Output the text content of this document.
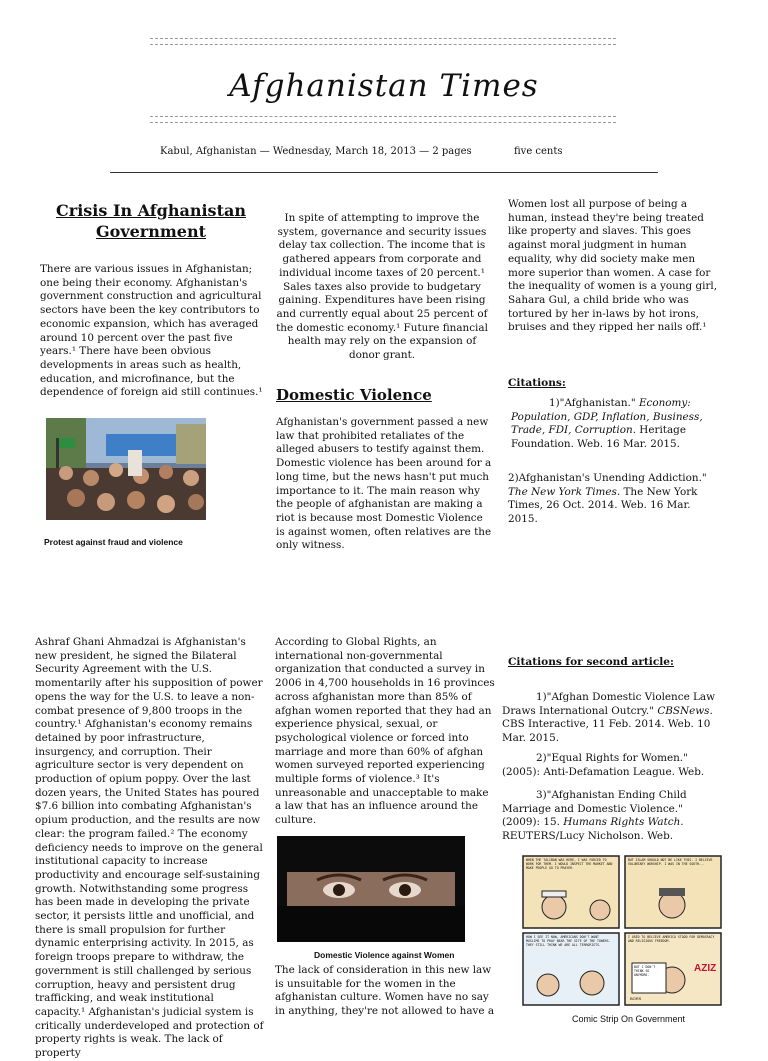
Afghanistan Times
Kabul, Afghanistan — Wednesday, March 18, 2013 — 2 pages	five cents
Crisis In Afghanistan Government
There are various issues in Afghanistan; one being their economy. Afghanistan's government construction and agricultural sectors have been the key contributors to economic expansion, which has averaged around 10 percent over the past five years.¹ There have been obvious developments in areas such as health, education, and microfinance, but the dependence of foreign aid still continues.¹
Protest against fraud and violence
In spite of attempting to improve the system, governance and security issues delay tax collection. The income that is gathered appears from corporate and individual income taxes of 20 percent.¹ Sales taxes also provide to budgetary gaining. Expenditures have been rising and currently equal about 25 percent of the domestic economy.¹ Future financial health may rely on the expansion of donor grant.
Domestic Violence
Afghanistan's government passed a new law that prohibited retaliates of the alleged abusers to testify against them. Domestic violence has been around for a long time, but the news hasn't put much importance to it. The main reason why the people of afghanistan are making a riot is because most Domestic Violence is against women, often relatives are the only witness.
Women lost all purpose of being a human, instead they're being treated like property and slaves. This goes against moral judgment in human equality, why did society make men more superior than women. A case for the inequality of women is a young girl, Sahara Gul, a child bride who was tortured by her in-laws by hot irons, bruises and they ripped her nails off.¹
Citations:
1)"Afghanistan." Economy: Population, GDP, Inflation, Business, Trade, FDI, Corruption. Heritage Foundation. Web. 16 Mar. 2015.
2)Afghanistan's Unending Addiction." The New York Times. The New York Times, 26 Oct. 2014. Web. 16 Mar. 2015.
Ashraf Ghani Ahmadzai is Afghanistan's new president, he signed the Bilateral Security Agreement with the U.S. momentarily after his supposition of power opens the way for the U.S. to leave a non-combat presence of 9,800 troops in the country.¹ Afghanistan's economy remains detained by poor infrastructure, insurgency, and corruption. Their agriculture sector is very dependent on production of opium poppy. Over the last dozen years, the United States has poured $7.6 billion into combating Afghanistan's opium production, and the results are now clear: the program failed.² The economy deficiency needs to improve on the general institutional capacity to increase productivity and encourage self-sustaining growth. Notwithstanding some progress has been made in developing the private sector, it persists little and unofficial, and there is small propulsion for further dynamic enterprising activity. In 2015, as foreign troops prepare to withdraw, the government is still challenged by serious corruption, heavy and persistent drug trafficking, and weak institutional capacity.¹ Afghanistan's judicial system is critically underdeveloped and protection of property rights is weak. The lack of property
According to Global Rights, an international non-governmental organization that conducted a survey in 2006 in 4,700 households in 16 provinces across afghanistan more than 85% of afghan women reported that they had an experience physical, sexual, or psychological violence or forced into marriage and more than 60% of afghan women surveyed reported experiencing multiple forms of violence.³ It's unreasonable and unacceptable to make a law that has an influence around the culture.
Domestic Violence against Women
The lack of consideration in this new law is unsuitable for the women in the afghanistan culture. Women have no say in anything, they're not allowed to have a
Citations for second article:
1)"Afghan Domestic Violence Law Draws International Outcry." CBSNews. CBS Interactive, 11 Feb. 2014. Web. 10 Mar. 2015.
2)"Equal Rights for Women." (2005): Anti-Defamation League. Web.
3)"Afghanistan Ending Child Marriage and Domestic Violence." (2009): 15. Humans Rights Watch. REUTERS/Lucy Nicholson. Web.
WHEN THE TALIBAN WAS HERE, I WAS FORCED TO WORK FOR THEM. I WOULD INSPECT THE MARKET AND MAKE PEOPLE GO TO PRAYER.
BUT ISLAM SHOULD NOT BE LIKE THIS. I BELIEVE VOLUNTARY WORSHIP. I WAS IN THE SOUTH...
HOW I SEE IT NOW, AMERICANS DON'T WANT MUSLIMS TO PRAY NEAR THE SITE OF THE TOWERS. THEY STILL THINK WE ARE ALL TERRORISTS.
I USED TO BELIEVE AMERICA STOOD FOR DEMOCRACY AND RELIGIOUS FREEDOM.
BUT I DON'T THINK SO ANYMORE.
AZIZ
BORS
Comic Strip On Government
